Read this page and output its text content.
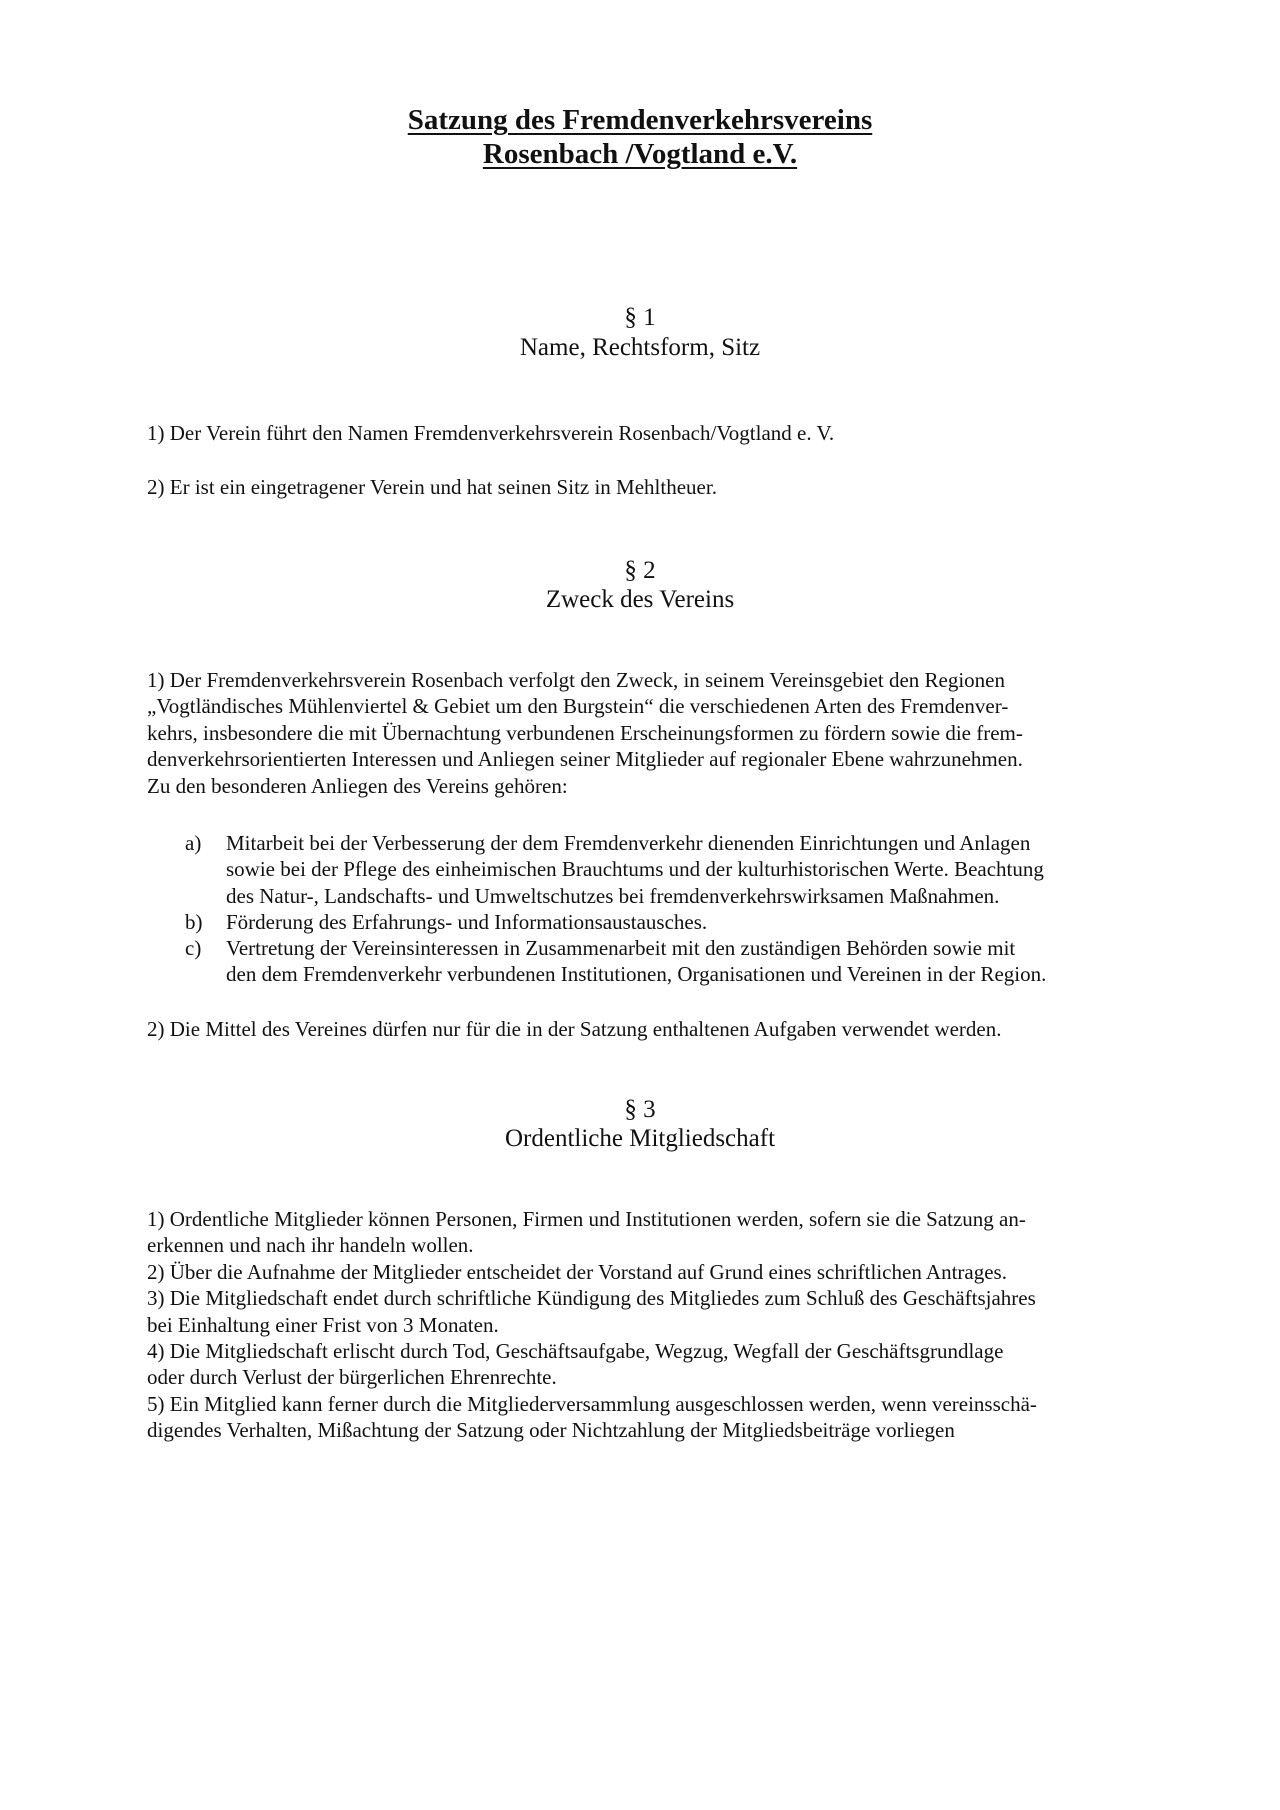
Satzung des Fremdenverkehrsvereins
Rosenbach /Vogtland e.V.
§ 1
Name, Rechtsform, Sitz
1) Der Verein führt den Namen Fremdenverkehrsverein Rosenbach/Vogtland e. V.
2) Er ist ein eingetragener Verein und hat seinen Sitz in Mehltheuer.
§ 2
Zweck des Vereins
1) Der Fremdenverkehrsverein Rosenbach verfolgt den Zweck, in seinem Vereinsgebiet den Regionen
„Vogtländisches Mühlenviertel & Gebiet um den Burgstein“ die verschiedenen Arten des Fremdenver-
kehrs, insbesondere die mit Übernachtung verbundenen Erscheinungsformen zu fördern sowie die frem-
denverkehrsorientierten Interessen und Anliegen seiner Mitglieder auf regionaler Ebene wahrzunehmen.
Zu den besonderen Anliegen des Vereins gehören:
a)	Mitarbeit bei der Verbesserung der dem Fremdenverkehr dienenden Einrichtungen und Anlagen
sowie bei der Pflege des einheimischen Brauchtums und der kulturhistorischen Werte. Beachtung
des Natur-, Landschafts- und Umweltschutzes bei fremdenverkehrswirksamen Maßnahmen.
b)	Förderung des Erfahrungs- und Informationsaustausches.
c)	Vertretung der Vereinsinteressen in Zusammenarbeit mit den zuständigen Behörden sowie mit
den dem Fremdenverkehr verbundenen Institutionen, Organisationen und Vereinen in der Region.
2) Die Mittel des Vereines dürfen nur für die in der Satzung enthaltenen Aufgaben verwendet werden.
§ 3
Ordentliche Mitgliedschaft
1) Ordentliche Mitglieder können Personen, Firmen und Institutionen werden, sofern sie die Satzung an-
erkennen und nach ihr handeln wollen.
2) Über die Aufnahme der Mitglieder entscheidet der Vorstand auf Grund eines schriftlichen Antrages.
3) Die Mitgliedschaft endet durch schriftliche Kündigung des Mitgliedes zum Schluß des Geschäftsjahres
bei Einhaltung einer Frist von 3 Monaten.
4) Die Mitgliedschaft erlischt durch Tod, Geschäftsaufgabe, Wegzug, Wegfall der Geschäftsgrundlage
oder durch Verlust der bürgerlichen Ehrenrechte.
5) Ein Mitglied kann ferner durch die Mitgliederversammlung ausgeschlossen werden, wenn vereinsschä-
digendes Verhalten, Mißachtung der Satzung oder Nichtzahlung der Mitgliedsbeiträge vorliegen
